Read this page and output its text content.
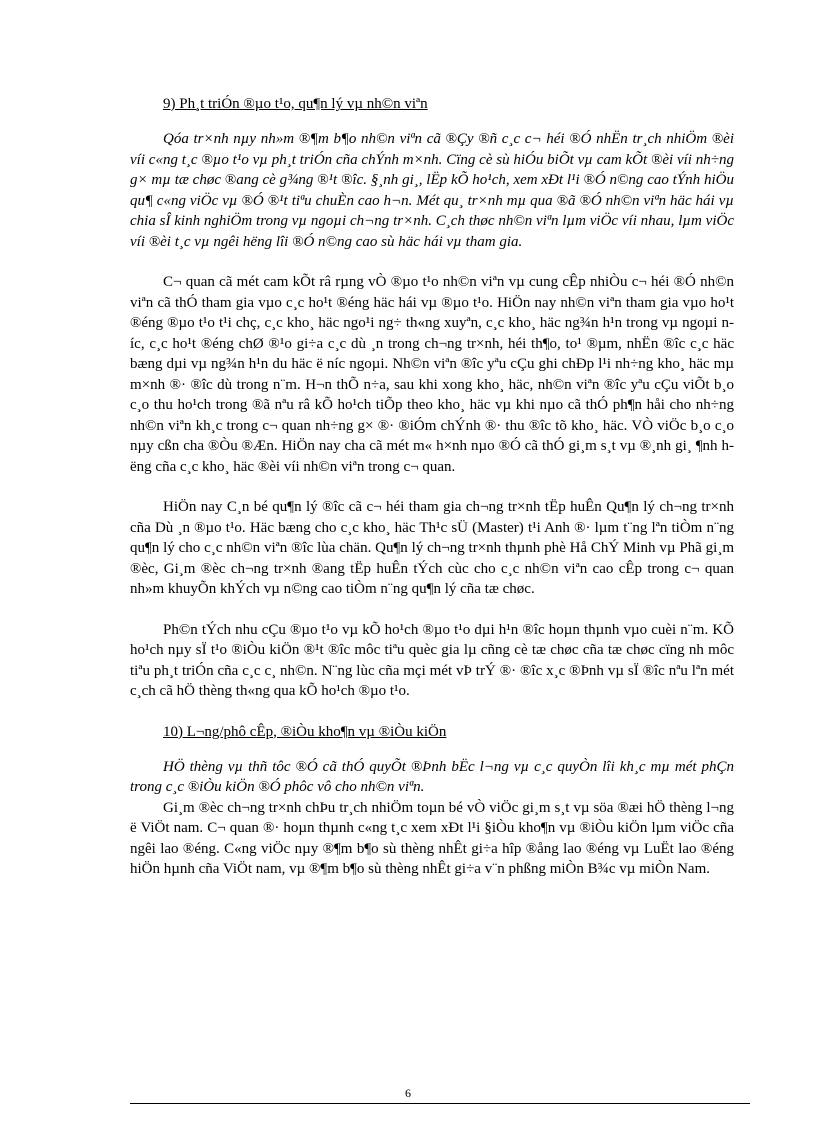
9) Ph¸t triÓn ®µo t¹o, qu¶n lý vµ nh©n viªn

Qóa tr×nh nµy nh»m ®¶m b¶o nh©n viªn cã ®Çy ®ñ c¸c c¬ héi ®Ó nhËn tr¸ch nhiÖm ®èi víi c«ng t¸c ®µo t¹o vµ ph¸t triÓn cña chÝnh m×nh. Cïng cè sù hiÓu biÕt vµ cam kÕt ®èi víi nh÷ng g× mµ tæ chøc ®ang cè g¾ng ®¹t ®îc. §¸nh gi¸, lËp kÕ ho¹ch, xem xÐt l¹i ®Ó n©ng cao tÝnh hiÖu qu¶ c«ng viÖc vµ ®Ó ®¹t tiªu chuÈn cao h¬n. Mét qu¸ tr×nh mµ qua ®ã ®Ó nh©n viªn häc hái vµ chia sÎ kinh nghiÖm trong vµ ngoµi ch¬ng tr×nh. C¸ch thøc nh©n viªn lµm viÖc víi nhau, lµm viÖc víi ®èi t¸c vµ ngêi hëng lîi ®Ó n©ng cao sù häc hái vµ tham gia.

C¬ quan cã mét cam kÕt râ rµng vÒ ®µo t¹o nh©n viªn vµ cung cÊp nhiÒu c¬ héi ®Ó nh©n viªn cã thÓ tham gia vµo c¸c ho¹t ®éng häc hái vµ ®µo t¹o. HiÖn nay nh©n viªn tham gia vµo ho¹t ®éng ®µo t¹o t¹i chç, c¸c kho¸ häc ngo¹i ng÷ th«ng xuyªn, c¸c kho¸ häc ng¾n h¹n trong vµ ngoµi níc, c¸c ho¹t ®éng chØ ®¹o gi÷a c¸c dù ¸n trong ch¬ng tr×nh, héi th¶o, to¹ ®µm, nhËn ®îc c¸c häc bæng dµi vµ ng¾n h¹n du häc ë níc ngoµi. Nh©n viªn ®îc yªu cÇu ghi chÐp l¹i nh÷ng kho¸ häc mµ m×nh ®· ®îc dù trong n¨m. H¬n thÕ n÷a, sau khi xong kho¸ häc, nh©n viªn ®îc yªu cÇu viÕt b¸o c¸o thu ho¹ch trong ®ã nªu râ kÕ ho¹ch tiÕp theo kho¸ häc vµ khi nµo cã thÓ ph¶n håi cho nh÷ng nh©n viªn kh¸c trong c¬ quan nh÷ng g× ®· ®iÓm chÝnh ®· thu ®îc tõ kho¸ häc. VÒ viÖc b¸o c¸o nµy cßn cha ®Òu ®Æn. HiÖn nay cha cã mét m« h×nh nµo ®Ó cã thÓ gi¸m s¸t vµ ®¸nh gi¸ ¶nh hëng cña c¸c kho¸ häc ®èi víi nh©n viªn trong c¬ quan.

HiÖn nay C¸n bé qu¶n lý ®îc cã c¬ héi tham gia ch¬ng tr×nh tËp huÊn Qu¶n lý ch¬ng tr×nh cña Dù ¸n ®µo t¹o. Häc bæng cho c¸c kho¸ häc Th¹c sÜ (Master) t¹i Anh ®· lµm t¨ng lªn tiÒm n¨ng qu¶n lý cho c¸c nh©n viªn ®îc lùa chän. Qu¶n lý ch¬ng tr×nh thµnh phè Hå ChÝ Minh vµ Phã gi¸m ®èc, Gi¸m ®èc ch¬ng tr×nh ®ang tËp huÊn tÝch cùc cho c¸c nh©n viªn cao cÊp trong c¬ quan nh»m khuyÕn khÝch vµ n©ng cao tiÒm n¨ng qu¶n lý cña tæ chøc.

Ph©n tÝch nhu cÇu ®µo t¹o vµ kÕ ho¹ch ®µo t¹o dµi h¹n ®îc hoµn thµnh vµo cuèi n¨m. KÕ ho¹ch nµy sÏ t¹o ®iÒu kiÖn ®¹t ®îc môc tiªu quèc gia lµ cñng cè tæ chøc cña tæ chøc cïng nh môc tiªu ph¸t triÓn cña c¸c c¸ nh©n. N¨ng lùc cña mçi mét vÞ trÝ ®· ®îc x¸c ®Þnh vµ sÏ ®îc nªu lªn mét c¸ch cã hÖ thèng th«ng qua kÕ ho¹ch ®µo t¹o.

10) L¬ng/phô cÊp, ®iÒu kho¶n vµ ®iÒu kiÖn

HÖ thèng vµ thñ tôc ®Ó cã thÓ quyÕt ®Þnh bËc l¬ng vµ c¸c quyÒn lîi kh¸c mµ mét phÇn trong c¸c ®iÒu kiÖn ®Ó phôc vô cho nh©n viªn.

Gi¸m ®èc ch¬ng tr×nh chÞu tr¸ch nhiÖm toµn bé vÒ viÖc gi¸m s¸t vµ söa ®æi hÖ thèng l¬ng ë ViÖt nam. C¬ quan ®· hoµn thµnh c«ng t¸c xem xÐt l¹i §iÒu kho¶n vµ ®iÒu kiÖn lµm viÖc cña ngêi lao ®éng. C«ng viÖc nµy ®¶m b¶o sù thèng nhÊt gi÷a hîp ®ång lao ®éng vµ LuËt lao ®éng hiÖn hµnh cña ViÖt nam, vµ ®¶m b¶o sù thèng nhÊt gi÷a v¨n phßng miÒn B¾c vµ miÒn Nam.

6
